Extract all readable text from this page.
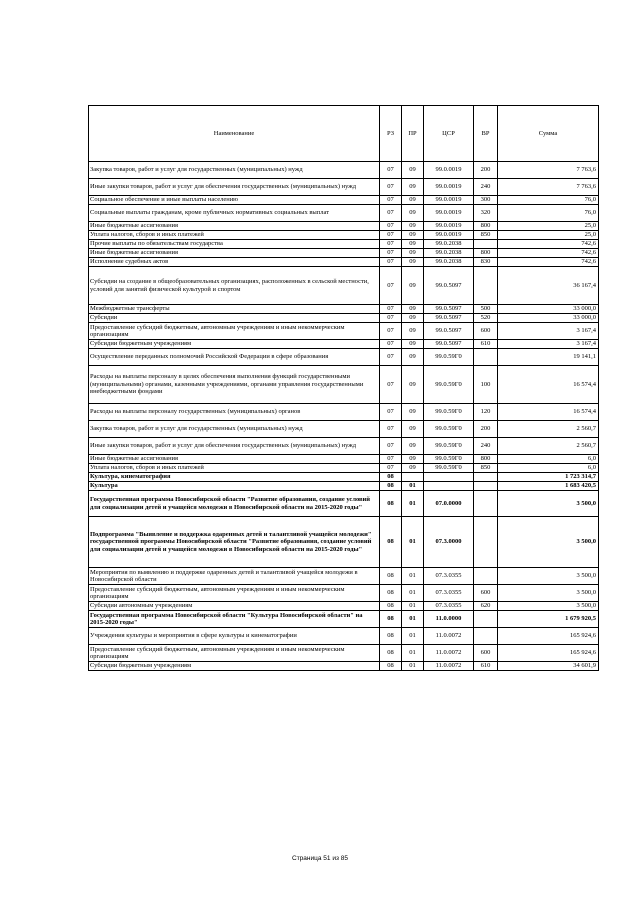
Наименование	РЗ	ПР	ЦСР	ВР	Сумма
Закупка товаров, работ и услуг для государственных (муниципальных) нужд	07	09	99.0.0019	200	7 763,6
Иные закупки товаров, работ и услуг для обеспечения государственных (муниципальных) нужд	07	09	99.0.0019	240	7 763,6
Социальное обеспечение и иные выплаты населению	07	09	99.0.0019	300	76,0
Социальные выплаты гражданам, кроме публичных нормативных социальных выплат	07	09	99.0.0019	320	76,0
Иные бюджетные ассигнования	07	09	99.0.0019	800	25,0
Уплата налогов, сборов и иных платежей	07	09	99.0.0019	850	25,0
Прочие выплаты по обязательствам государства	07	09	99.0.2038		742,6
Иные бюджетные ассигнования	07	09	99.0.2038	800	742,6
Исполнение судебных актов	07	09	99.0.2038	830	742,6
Субсидии на создание в общеобразовательных организациях, расположенных в сельской местности, условий для занятий физической культурой и спортом	07	09	99.0.5097		36 167,4
Межбюджетные трансферты	07	09	99.0.5097	500	33 000,0
Субсидии	07	09	99.0.5097	520	33 000,0
Предоставление субсидий бюджетным, автономным учреждениям и иным некоммерческим организациям	07	09	99.0.5097	600	3 167,4
Субсидии бюджетным учреждениям	07	09	99.0.5097	610	3 167,4
Осуществление переданных полномочий Российской Федерации в сфере образования	07	09	99.0.59Г0		19 141,1
Расходы на выплаты персоналу в целях обеспечения выполнения функций государственными (муниципальными) органами, казенными учреждениями, органами управления государственными внебюджетными фондами	07	09	99.0.59Г0	100	16 574,4
Расходы на выплаты персоналу государственных (муниципальных) органов	07	09	99.0.59Г0	120	16 574,4
Закупка товаров, работ и услуг для государственных (муниципальных) нужд	07	09	99.0.59Г0	200	2 560,7
Иные закупки товаров, работ и услуг для обеспечения государственных (муниципальных) нужд	07	09	99.0.59Г0	240	2 560,7
Иные бюджетные ассигнования	07	09	99.0.59Г0	800	6,0
Уплата налогов, сборов и иных платежей	07	09	99.0.59Г0	850	6,0
Культура, кинематография	08				1 723 314,7
Культура	08	01			1 683 420,5
Государственная программа Новосибирской области "Развитие образования, создание условий для социализации детей и учащейся молодежи в Новосибирской области на 2015-2020 годы"	08	01	07.0.0000		3 500,0
Подпрограмма "Выявление и поддержка одаренных детей и талантливой учащейся молодежи" государственной программы Новосибирской области "Развитие образования, создание условий для социализации детей и учащейся молодежи в Новосибирской области на 2015-2020 годы"	08	01	07.3.0000		3 500,0
Мероприятия по выявлению и поддержке одаренных детей и талантливой учащейся молодежи в Новосибирской области	08	01	07.3.0355		3 500,0
Предоставление субсидий бюджетным, автономным учреждениям и иным некоммерческим организациям	08	01	07.3.0355	600	3 500,0
Субсидии автономным учреждениям	08	01	07.3.0355	620	3 500,0
Государственная программа Новосибирской области "Культура Новосибирской области" на 2015-2020 годы"	08	01	11.0.0000		1 679 920,5
Учреждения культуры и мероприятия в сфере культуры и кинематографии	08	01	11.0.0072		165 924,6
Предоставление субсидий бюджетным, автономным учреждениям и иным некоммерческим организациям	08	01	11.0.0072	600	165 924,6
Субсидии бюджетным учреждениям	08	01	11.0.0072	610	34 601,9
Страница 51 из 85
